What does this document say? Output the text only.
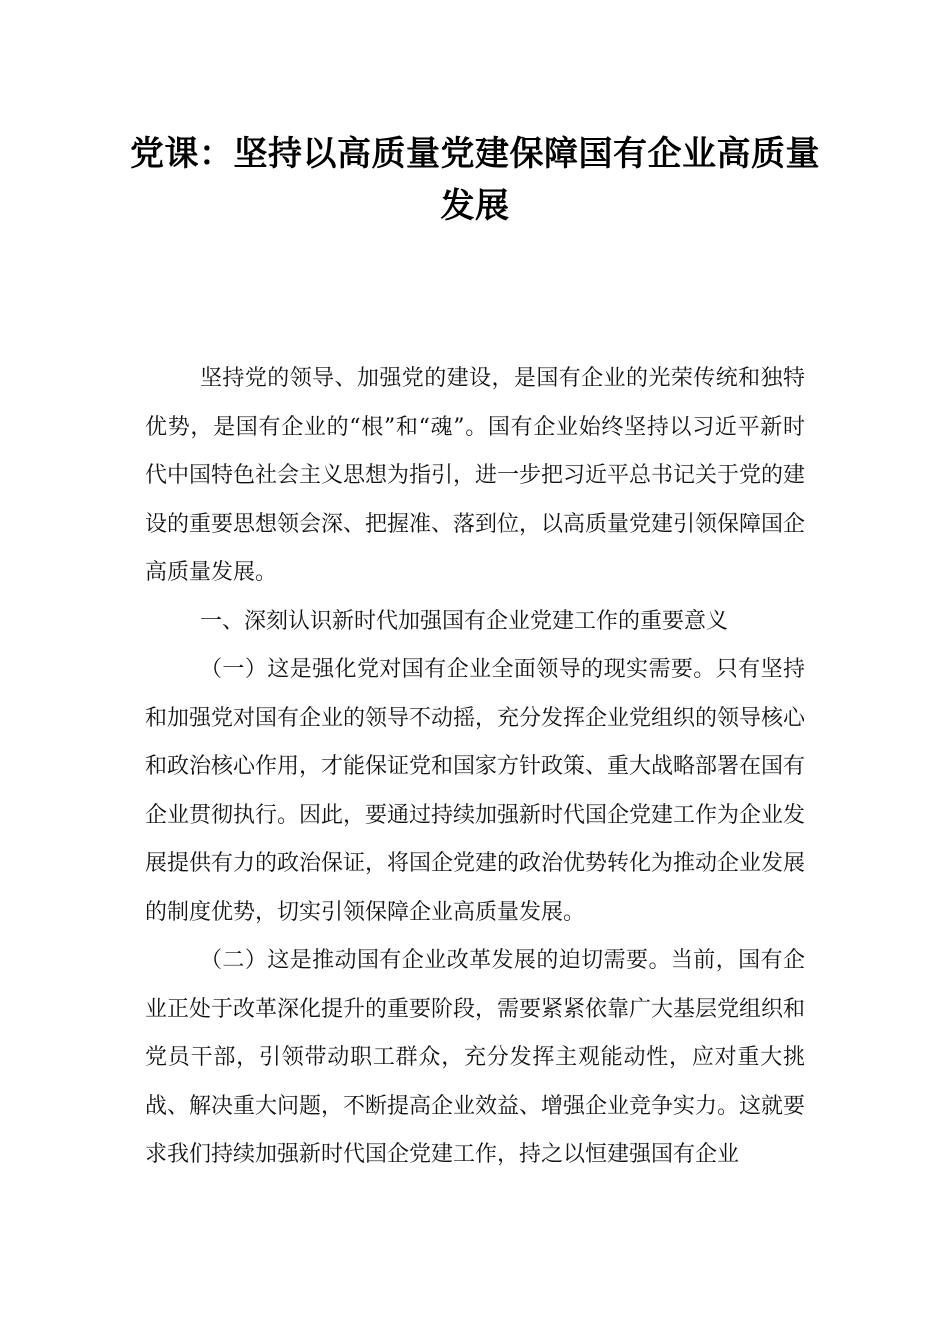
党课：坚持以高质量党建保障国有企业高质量发展

坚持党的领导、加强党的建设，是国有企业的光荣传统和独特优势，是国有企业的“根”和“魂”。国有企业始终坚持以习近平新时代中国特色社会主义思想为指引，进一步把习近平总书记关于党的建设的重要思想领会深、把握准、落到位，以高质量党建引领保障国企高质量发展。

一、深刻认识新时代加强国有企业党建工作的重要意义

（一）这是强化党对国有企业全面领导的现实需要。只有坚持和加强党对国有企业的领导不动摇，充分发挥企业党组织的领导核心和政治核心作用，才能保证党和国家方针政策、重大战略部署在国有企业贯彻执行。因此，要通过持续加强新时代国企党建工作为企业发展提供有力的政治保证，将国企党建的政治优势转化为推动企业发展的制度优势，切实引领保障企业高质量发展。

（二）这是推动国有企业改革发展的迫切需要。当前，国有企业正处于改革深化提升的重要阶段，需要紧紧依靠广大基层党组织和党员干部，引领带动职工群众，充分发挥主观能动性，应对重大挑战、解决重大问题，不断提高企业效益、增强企业竞争实力。这就要求我们持续加强新时代国企党建工作，持之以恒建强国有企业
